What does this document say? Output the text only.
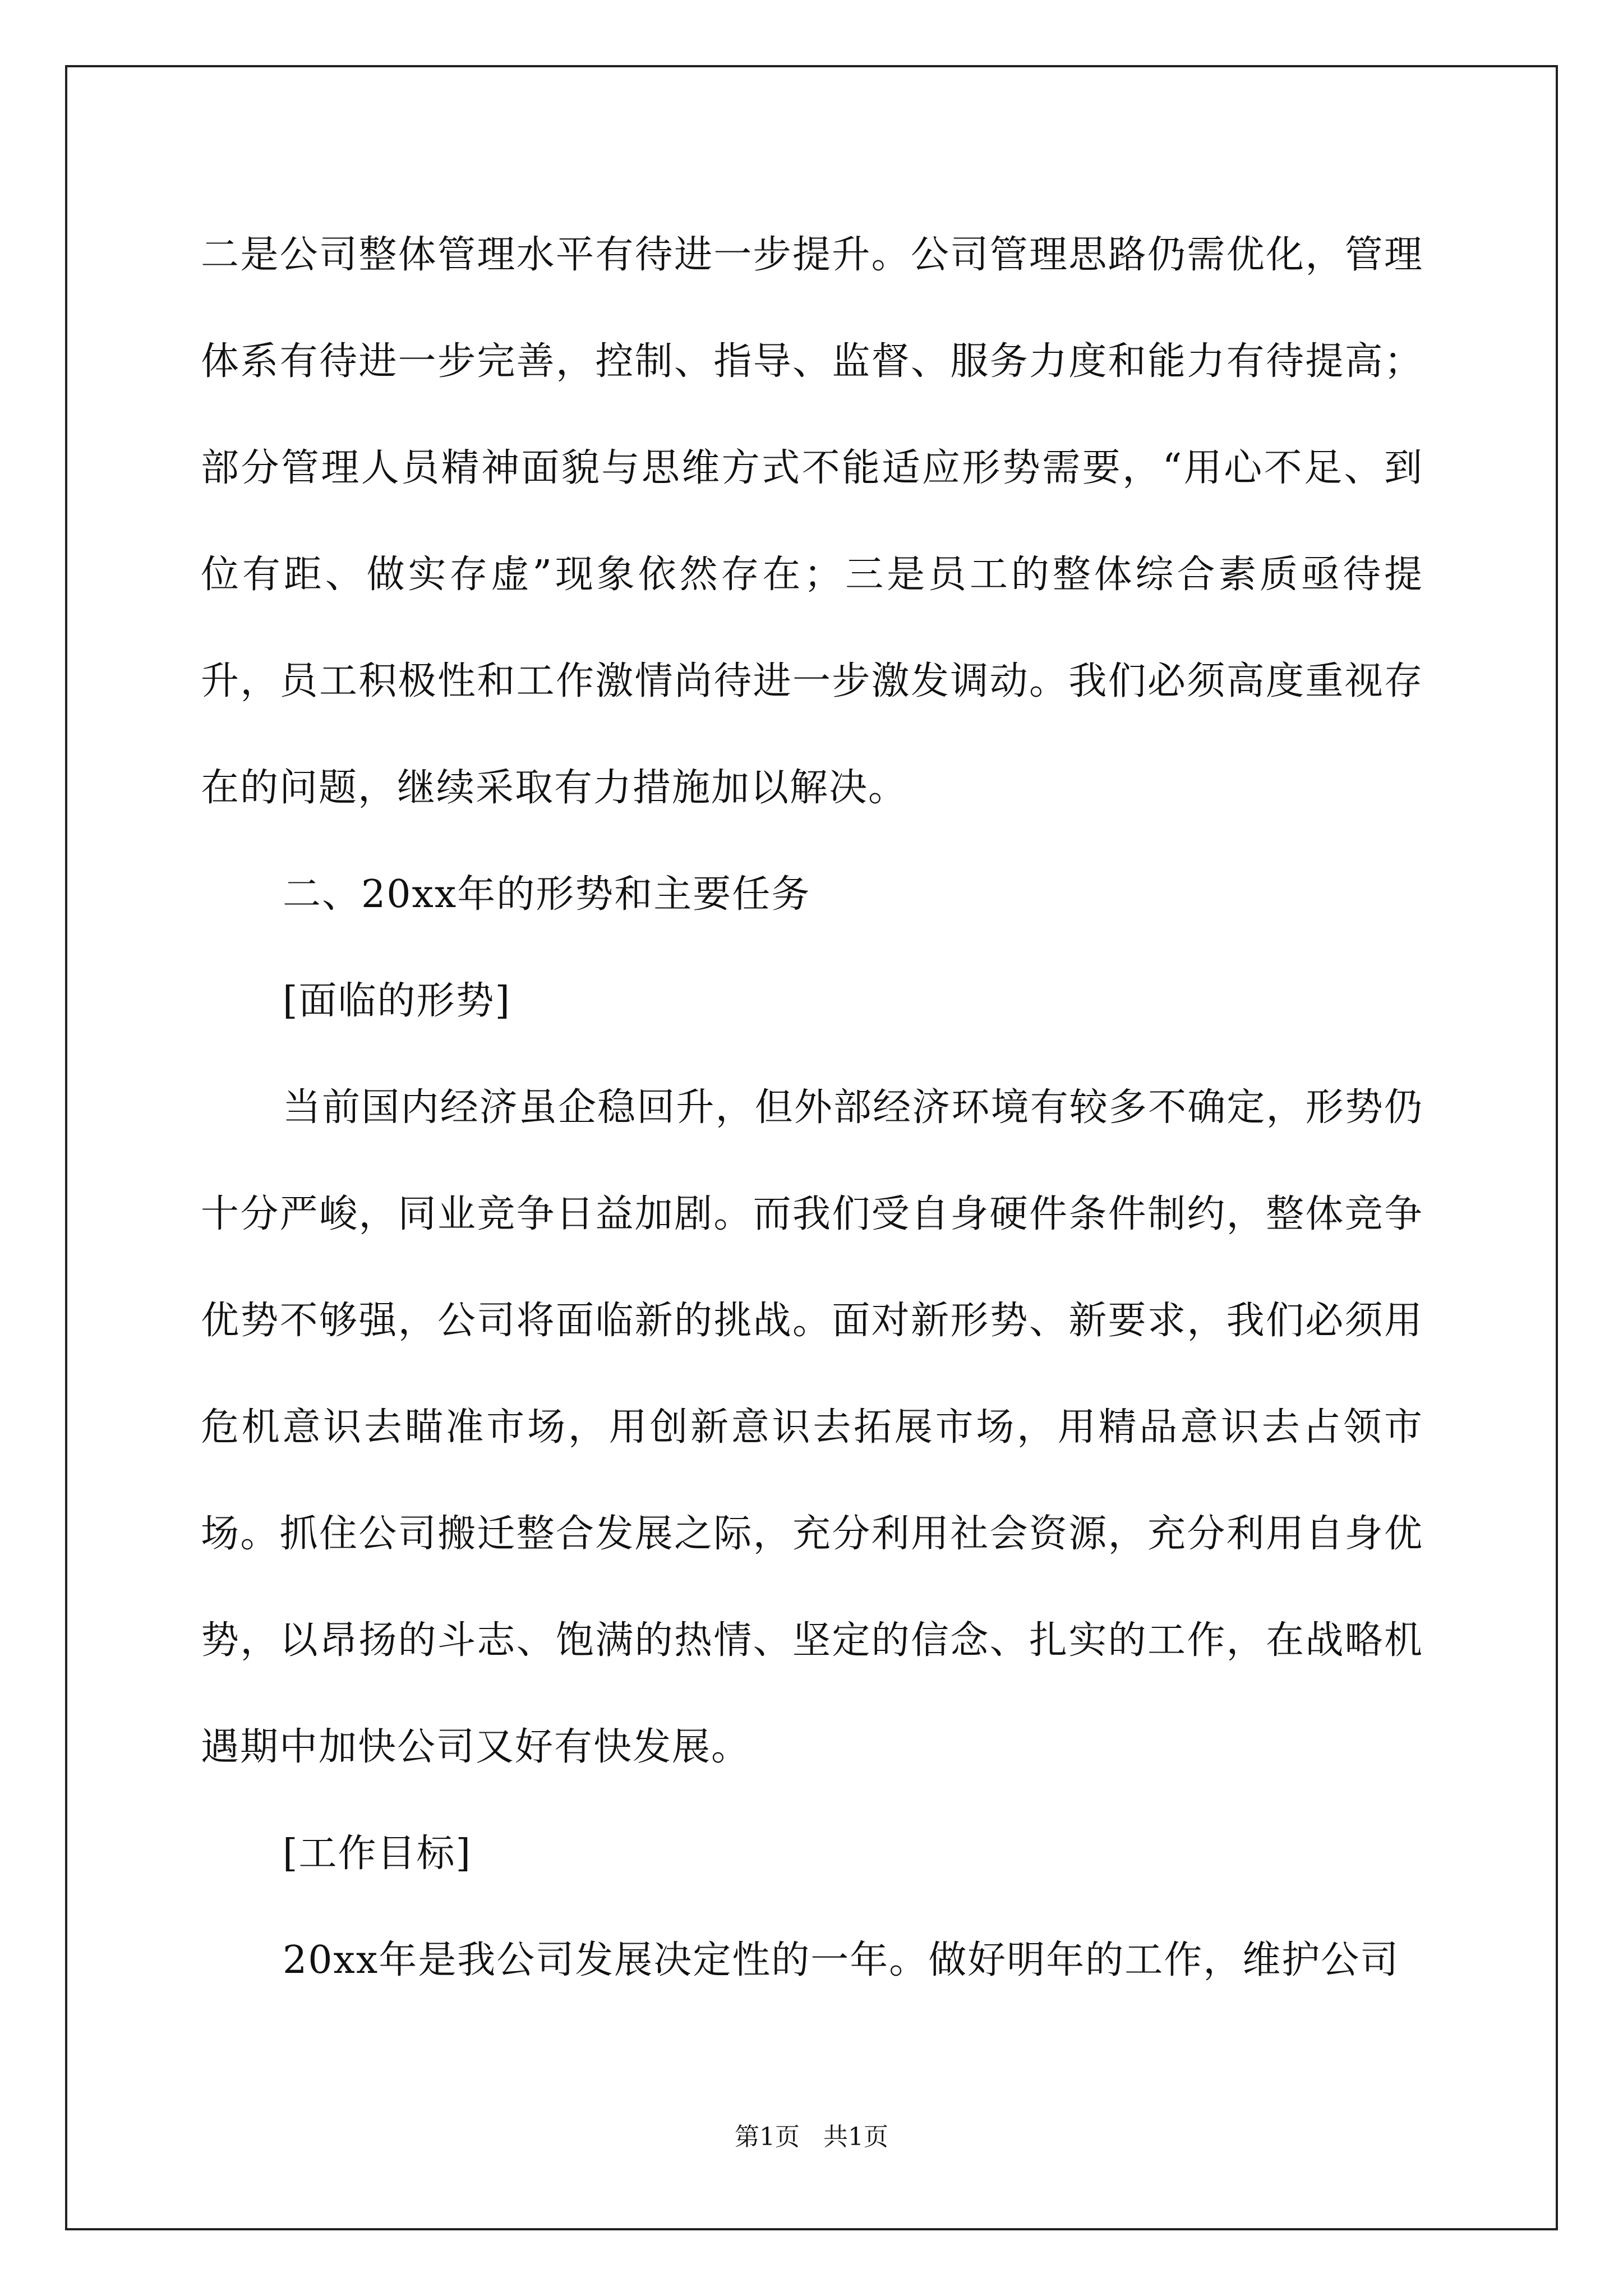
二是公司整体管理水平有待进一步提升。公司管理思路仍需优化，管理体系有待进一步完善，控制、指导、监督、服务力度和能力有待提高；部分管理人员精神面貌与思维方式不能适应形势需要，“用心不足、到位有距、做实存虚”现象依然存在；三是员工的整体综合素质亟待提升，员工积极性和工作激情尚待进一步激发调动。我们必须高度重视存在的问题，继续采取有力措施加以解决。

二、20xx年的形势和主要任务

[面临的形势]

当前国内经济虽企稳回升，但外部经济环境有较多不确定，形势仍十分严峻，同业竞争日益加剧。而我们受自身硬件条件制约，整体竞争优势不够强，公司将面临新的挑战。面对新形势、新要求，我们必须用危机意识去瞄准市场，用创新意识去拓展市场，用精品意识去占领市场。抓住公司搬迁整合发展之际，充分利用社会资源，充分利用自身优势，以昂扬的斗志、饱满的热情、坚定的信念、扎实的工作，在战略机遇期中加快公司又好有快发展。

[工作目标]

20xx年是我公司发展决定性的一年。做好明年的工作，维护公司

第1页 共1页
